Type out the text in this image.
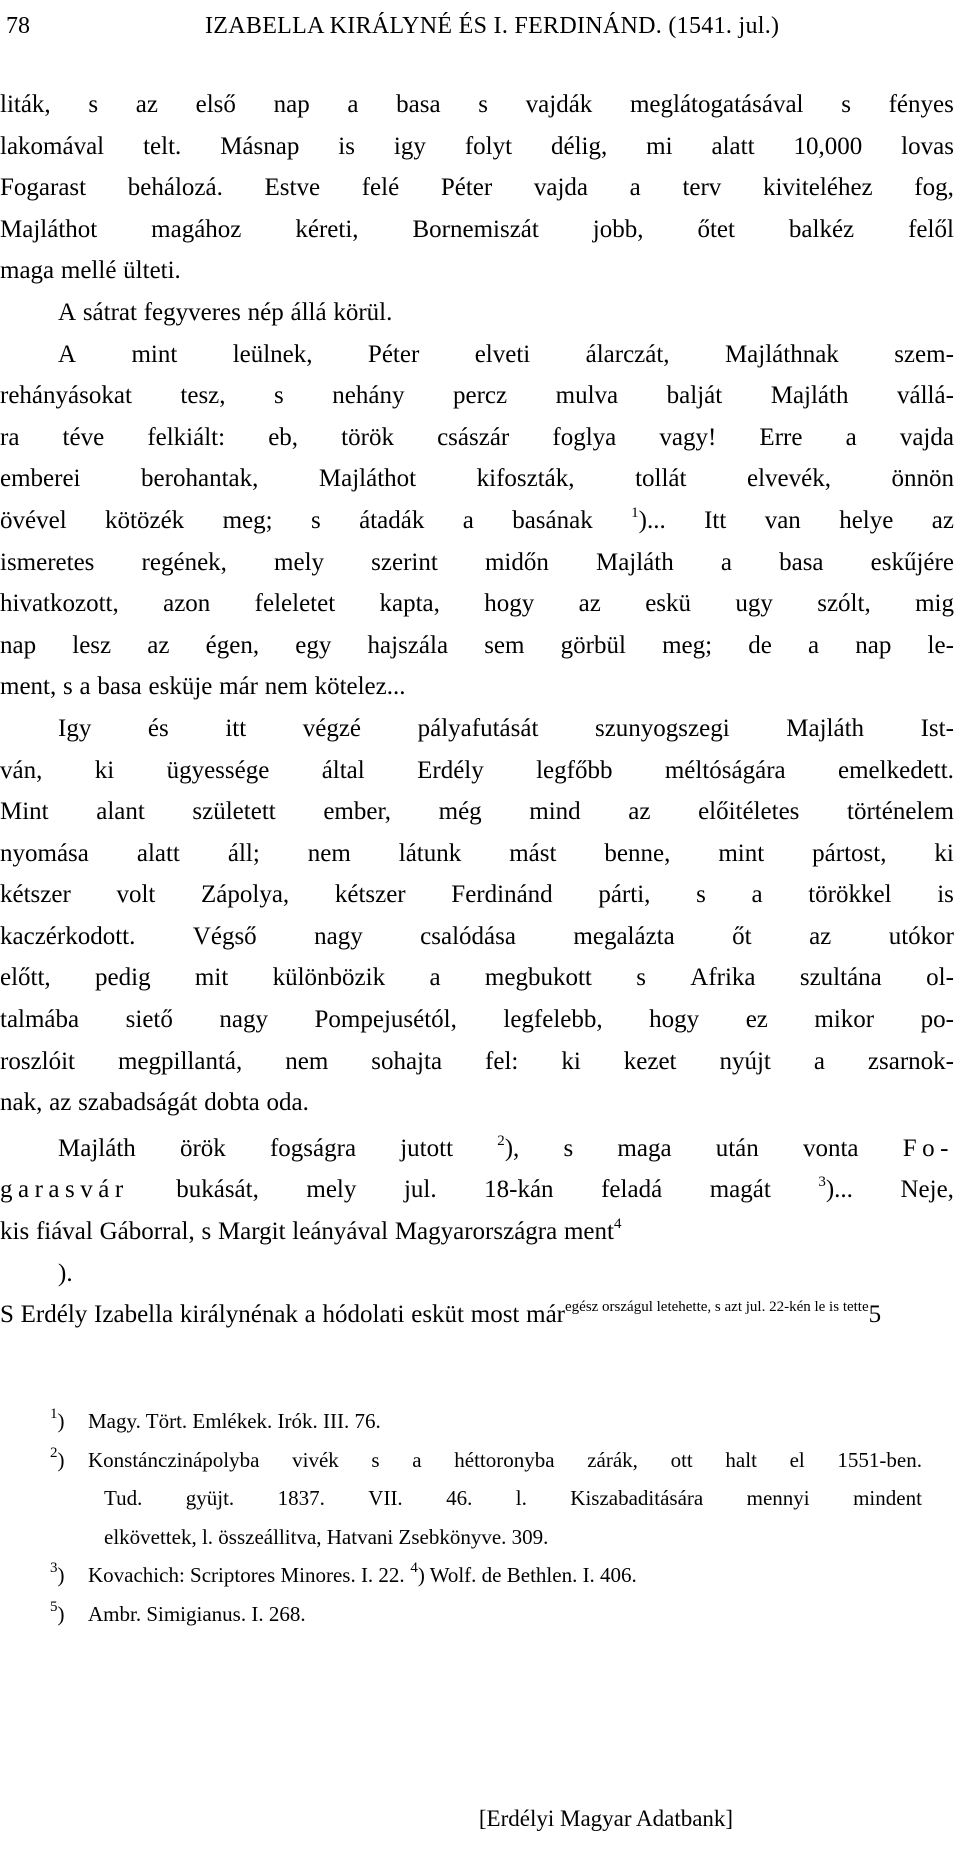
78	IZABELLA KIRÁLYNÉ ÉS I. FERDINÁND. (1541. jul.)
liták, s az első nap a basa s vajdák meglátogatásával s fényes
lakomával telt. Másnap is igy folyt délig, mi alatt 10,000 lovas
Fogarast behálozá. Estve felé Péter vajda a terv kiviteléhez fog,
Majláthot magához kéreti, Bornemiszát jobb, őtet balkéz felől
maga mellé ülteti.
A sátrat fegyveres nép állá körül.
A mint leülnek, Péter elveti álarczát, Majláthnak szem-
rehányásokat tesz, s nehány percz mulva balját Majláth vállá-
ra téve felkiált: eb, török császár foglya vagy! Erre a vajda
emberei berohantak, Majláthot kifoszták, tollát elvevék, önnön
övével kötözék meg; s átadák a basának	$^1$)... Itt van helye az
ismeretes regének, mely szerint midőn Majláth a basa eskűjére
hivatkozott, azon feleletet kapta, hogy az eskü ugy szólt, mig
nap lesz az égen, egy hajszála sem görbül meg; de a nap le-
ment, s a basa esküje már nem kötelez...
Igy és itt végzé pályafutását szunyogszegi Majláth Ist-
ván, ki ügyessége által Erdély legfőbb méltóságára emelkedett.
Mint alant született ember, még mind az előitéletes történelem
nyomása alatt áll; nem látunk mást benne, mint pártost, ki
kétszer volt Zápolya, kétszer Ferdinánd párti, s a törökkel is
kaczérkodott. Végső nagy csalódása megalázta őt az utókor
előtt, pedig mit különbözik a megbukott s Afrika szultána ol-
talmába siető nagy Pompejusétól, legfelebb, hogy ez mikor po-
roszlóit megpillantá, nem sohajta fel: ki kezet nyújt a zsarnok-
nak, az szabadságát dobta oda.
Majláth örök fogságra jutott	$^2$), s maga után vonta Fo-
garasvár bukását, mely jul. 18-kán feladá magát	$^3$)... Neje,
kis fiával Gáborral, s Margit leányával Magyarországra ment $^4$
).
S Erdély Izabella királynénak a hódolati esküt most már $^{egész országul letehette, s azt jul. 22-kén le is tette}$5
$^1$)	Magy. Tört. Emlékek. Irók. III. 76.
$^2$) Konstánczinápolyba vivék s a héttoronyba zárák, ott halt el 1551-ben.
Tud. gyüjt. 1837. VII. 46. l. Kiszabaditására mennyi mindent
elkövettek, l. összeállitva, Hatvani Zsebkönyve. 309.
$^3$)	Kovachich: Scriptores Minores. I. 22. $^4$) Wolf. de Bethlen. I. 406.
$^5$)	Ambr. Simigianus. I. 268.
[Erdélyi Magyar Adatbank]
